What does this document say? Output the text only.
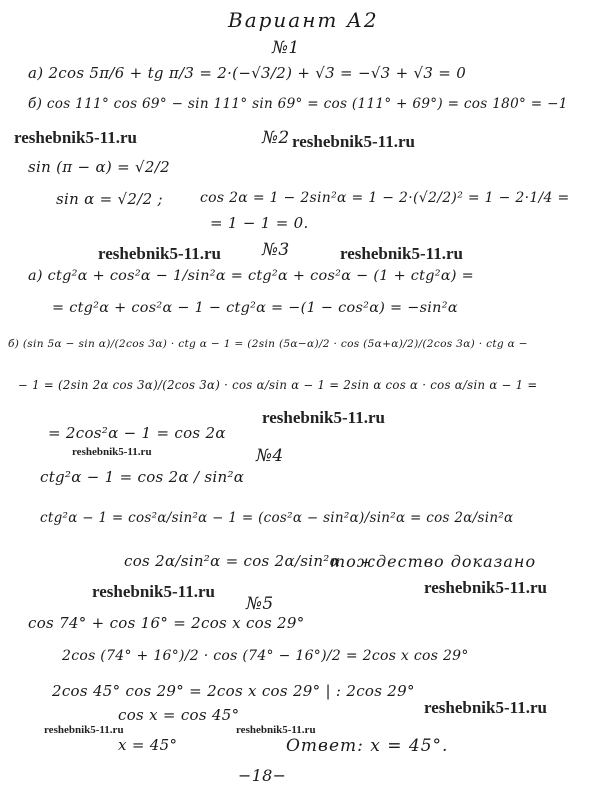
Вариант А2
№1
а) 2cos 5π/6 + tg π/3 = 2·(−√3/2) + √3 = −√3 + √3 = 0
б) cos 111° cos 69° − sin 111° sin 69° = cos (111° + 69°) = cos 180° = −1
reshebnik5-11.ru	№2 reshebnik5-11.ru
sin (π − α) = √2/2
sin α = √2/2 ;	cos 2α = 1 − 2sin²α = 1 − 2·(√2/2)² = 1 − 2·1/4 =
= 1 − 1 = 0.
reshebnik5-11.ru №3	reshebnik5-11.ru
а) ctg²α + cos²α − 1/sin²α = ctg²α + cos²α − (1 + ctg²α) =
= ctg²α + cos²α − 1 − ctg²α = −(1 − cos²α) = −sin²α
б) (sin 5α − sin α)/(2cos 3α) · ctg α − 1 = (2sin (5α−α)/2 · cos (5α+α)/2)/(2cos 3α) · ctg α −
− 1 = (2sin 2α cos 3α)/(2cos 3α) · cos α/sin α − 1 = 2sin α cos α · cos α/sin α − 1 =
reshebnik5-11.ru
= 2cos²α − 1 = cos 2α
reshebnik5-11.ru	№4
ctg²α − 1 = cos 2α / sin²α
ctg²α − 1 = cos²α/sin²α − 1 = (cos²α − sin²α)/sin²α = cos 2α/sin²α
cos 2α/sin²α = cos 2α/sin²α
тождество доказано
reshebnik5-11.ru	reshebnik5-11.ru
№5
cos 74° + cos 16° = 2cos x cos 29°
2cos (74° + 16°)/2 · cos (74° − 16°)/2 = 2cos x cos 29°
2cos 45° cos 29° = 2cos x cos 29° | : 2cos 29°
reshebnik5-11.ru
cos x = cos 45°
reshebnik5-11.ru	reshebnik5-11.ru
x = 45°	Ответ: x = 45°.
−18−
